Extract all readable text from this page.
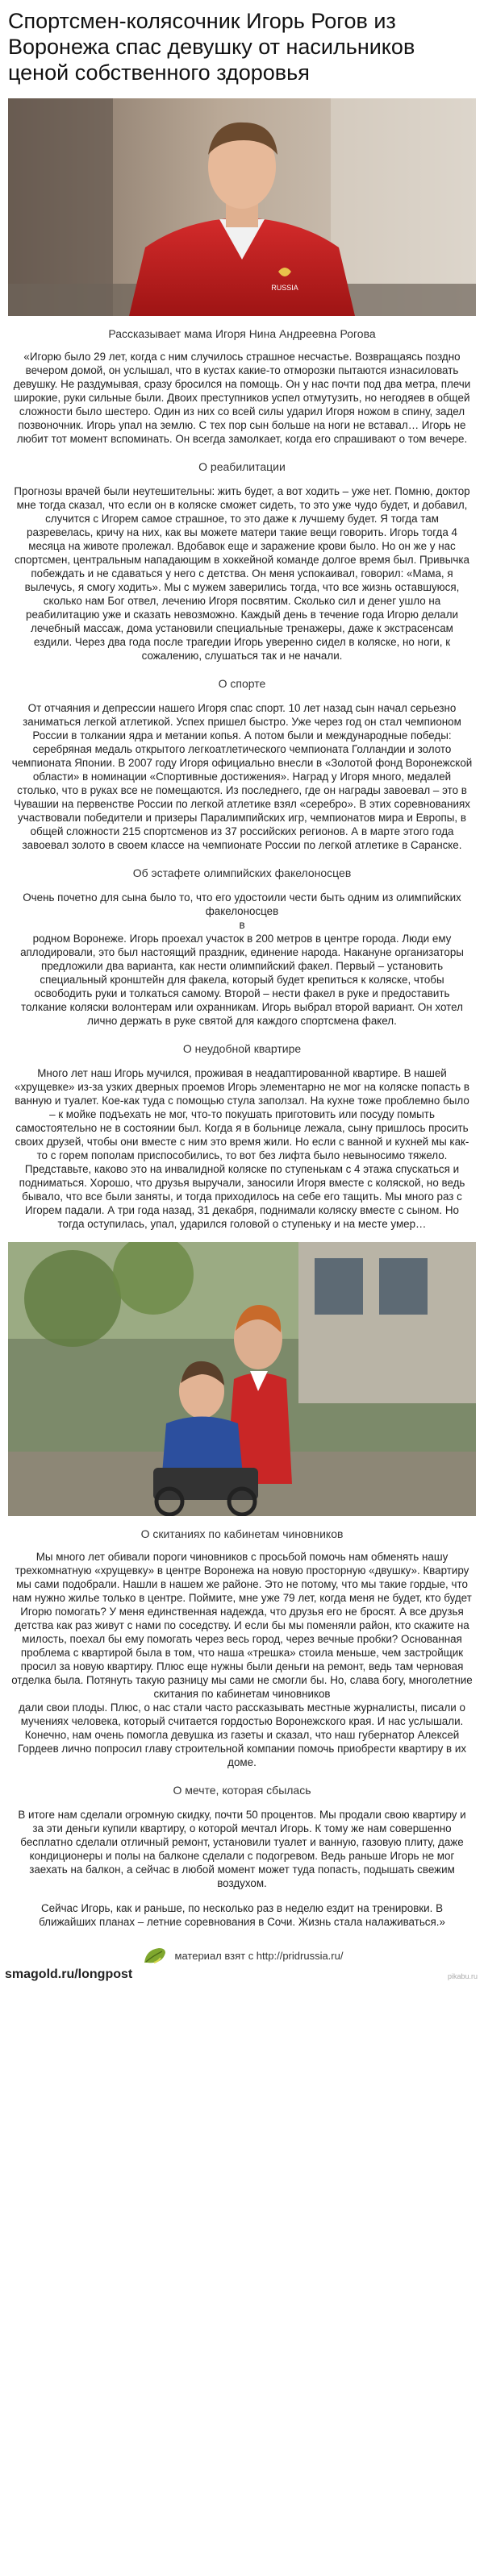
Спортсмен-колясочник Игорь Рогов из Воронежа спас девушку от насильников ценой собственного здоровья
RUSSIA
Рассказывает мама Игоря Нина Андреевна Рогова

«Игорю было 29 лет, когда с ним случилось страшное несчастье. Возвращаясь поздно вечером домой, он услышал, что в кустах какие-то отморозки пытаются изнасиловать девушку. Не раздумывая, сразу бросился на помощь. Он у нас почти под два метра, плечи широкие, руки сильные были. Двоих преступников успел отмутузить, но негодяев в общей сложности было шестеро. Один из них со всей силы ударил Игоря ножом в спину, задел позвоночник. Игорь упал на землю. С тех пор сын больше на ноги не вставал… Игорь не любит тот момент вспоминать. Он всегда замолкает, когда его спрашивают о том вечере.

О реабилитации

Прогнозы врачей были неутешительны: жить будет, а вот ходить – уже нет. Помню, доктор мне тогда сказал, что если он в коляске сможет сидеть, то это уже чудо будет, и добавил, случится с Игорем самое страшное, то это даже к лучшему будет. Я тогда там разревелась, кричу на них, как вы можете матери такие вещи говорить. Игорь тогда 4 месяца на животе пролежал. Вдобавок еще и заражение крови было. Но он же у нас спортсмен, центральным нападающим в хоккейной команде долгое время был. Привычка побеждать и не сдаваться у него с детства. Он меня успокаивал, говорил: «Мама, я вылечусь, я смогу ходить». Мы с мужем заверились тогда, что все жизнь оставшуюся, сколько нам Бог отвел, лечению Игоря посвятим. Сколько сил и денег ушло на реабилитацию уже и сказать невозможно. Каждый день в течение года Игорю делали лечебный массаж, дома установили специальные тренажеры, даже к экстрасенсам ездили. Через два года после трагедии Игорь уверенно сидел в коляске, но ноги, к сожалению, слушаться так и не начали.

О спорте

От отчаяния и депрессии нашего Игоря спас спорт. 10 лет назад сын начал серьезно заниматься легкой атлетикой. Успех пришел быстро. Уже через год он стал чемпионом России в толкании ядра и метании копья. А потом были и международные победы: серебряная медаль открытого легкоатлетического чемпионата Голландии и золото чемпионата Японии. В 2007 году Игоря официально внесли в «Золотой фонд Воронежской области» в номинации «Спортивные достижения». Наград у Игоря много, медалей столько, что в руках все не помещаются. Из последнего, где он награды завоевал – это в Чувашии на первенстве России по легкой атлетике взял «серебро». В этих соревнованиях участвовали победители и призеры Паралимпийских игр, чемпионатов мира и Европы, в общей сложности 215 спортсменов из 37 российских регионов. А в марте этого года завоевал золото в своем классе на чемпионате России по легкой атлетике в Саранске.

Об эстафете олимпийских факелоносцев

Очень почетно для сына было то, что его удостоили чести быть одним из олимпийских факелоносцев
в
родном Воронеже. Игорь проехал участок в 200 метров в центре города. Люди ему аплодировали, это был настоящий праздник, единение народа. Накануне организаторы предложили два варианта, как нести олимпийский факел. Первый – установить специальный кронштейн для факела, который будет крепиться к коляске, чтобы освободить руки и толкаться самому. Второй – нести факел в руке и предоставить толкание коляски волонтерам или охранникам. Игорь выбрал второй вариант. Он хотел лично держать в руке святой для каждого спортсмена факел.

О неудобной квартире

Много лет наш Игорь мучился, проживая в неадаптированной квартире. В нашей «хрущевке» из-за узких дверных проемов Игорь элементарно не мог на коляске попасть в ванную и туалет. Кое-как туда с помощью стула заползал. На кухне тоже проблемно было – к мойке подъехать не мог, что-то покушать приготовить или посуду помыть самостоятельно не в состоянии был. Когда я в больнице лежала, сыну пришлось просить своих друзей, чтобы они вместе с ним это время жили. Но если с ванной и кухней мы как-то с горем пополам приспособились, то вот без лифта было невыносимо тяжело. Представьте, каково это на инвалидной коляске по ступенькам с 4 этажа спускаться и подниматься. Хорошо, что друзья выручали, заносили Игоря вместе с коляской, но ведь бывало, что все были заняты, и тогда приходилось на себе его тащить. Мы много раз с Игорем падали. А три года назад, 31 декабря, поднимали коляску вместе с сыном. Но тогда оступилась, упал, ударился головой о ступеньку и на месте умер…

О скитаниях по кабинетам чиновников

Мы много лет обивали пороги чиновников с просьбой помочь нам обменять нашу трехкомнатную «хрущевку» в центре Воронежа на новую просторную «двушку». Квартиру мы сами подобрали. Нашли в нашем же районе. Это не потому, что мы такие гордые, что нам нужно жилье только в центре. Поймите, мне уже 79 лет, когда меня не будет, кто будет Игорю помогать? У меня единственная надежда, что друзья его не бросят. А все друзья детства как раз живут с нами по соседству. И если бы мы поменяли район, кто скажите на милость, поехал бы ему помогать через весь город, через вечные пробки? Основанная проблема с квартирой была в том, что наша «трешка» стоила меньше, чем застройщик просил за новую квартиру. Плюс еще нужны были деньги на ремонт, ведь там черновая отделка была. Потянуть такую разницу мы сами не смогли бы. Но, слава богу, многолетние скитания по кабинетам чиновников
дали свои плоды. Плюс, о нас стали часто рассказывать местные журналисты, писали о мучениях человека, который считается гордостью Воронежского края. И нас услышали. Конечно, нам очень помогла девушка из газеты и сказал, что наш губернатор Алексей Гордеев лично попросил главу строительной компании помочь приобрести квартиру в их доме.

О мечте, которая сбылась

В итоге нам сделали огромную скидку, почти 50 процентов. Мы продали свою квартиру и за эти деньги купили квартиру, о которой мечтал Игорь. К тому же нам совершенно бесплатно сделали отличный ремонт, установили туалет и ванную, газовую плиту, даже кондиционеры и полы на балконе сделали с подогревом. Ведь раньше Игорь не мог заехать на балкон, а сейчас в любой момент может туда попасть, подышать свежим воздухом.

Сейчас Игорь, как и раньше, по несколько раз в неделю ездит на тренировки. В ближайших планах – летние соревнования в Сочи. Жизнь стала налаживаться.»

материал взят с http://pridrussia.ru/
smagold.ru/longpost	pikabu.ru
